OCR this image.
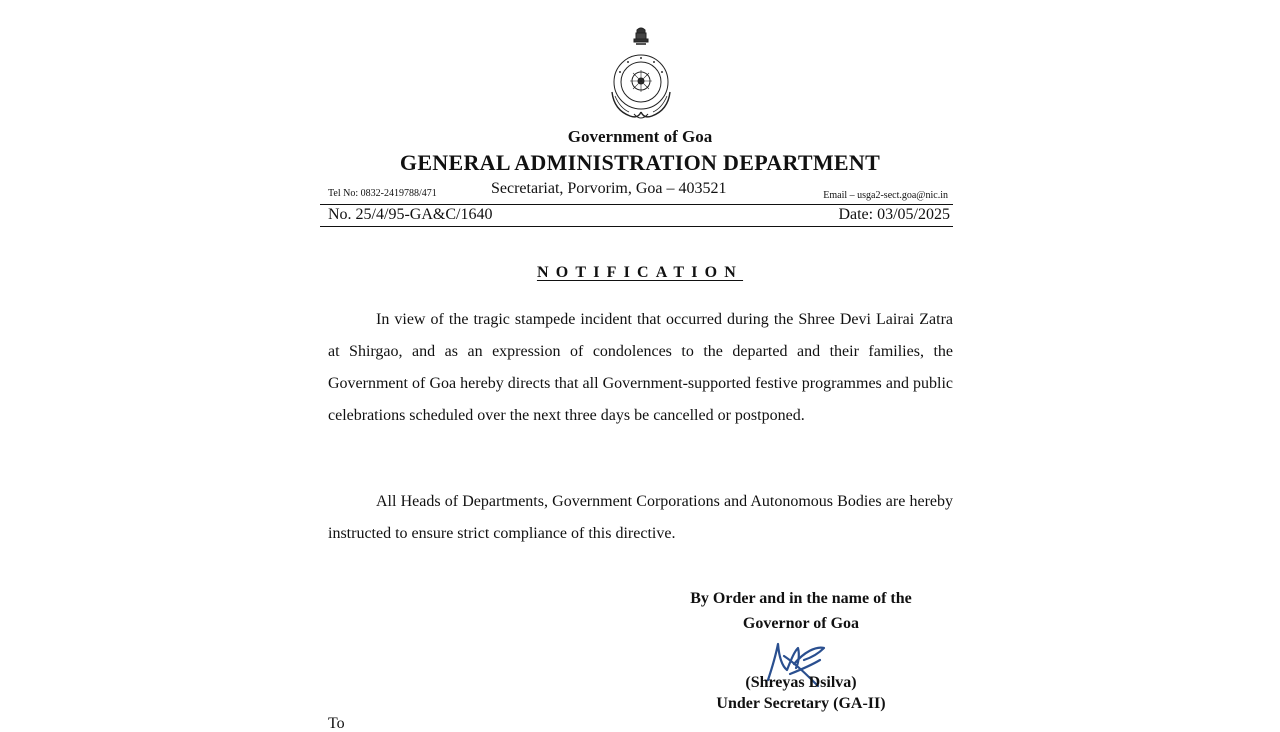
Government of Goa
GENERAL ADMINISTRATION DEPARTMENT
Tel No: 0832-2419788/471	Secretariat, Porvorim, Goa – 403521	Email – usga2-sect.goa@nic.in
No. 25/4/95-GA&C/1640	Date: 03/05/2025
NOTIFICATION

In view of the tragic stampede incident that occurred during the Shree Devi Lairai Zatra at Shirgao, and as an expression of condolences to the departed and their families, the Government of Goa hereby directs that all Government-supported festive programmes and public celebrations scheduled over the next three days be cancelled or postponed.

All Heads of Departments, Government Corporations and Autonomous Bodies are hereby instructed to ensure strict compliance of this directive.

By Order and in the name of the
Governor of Goa
(Shreyas Dsilva)
Under Secretary (GA-II)
To
